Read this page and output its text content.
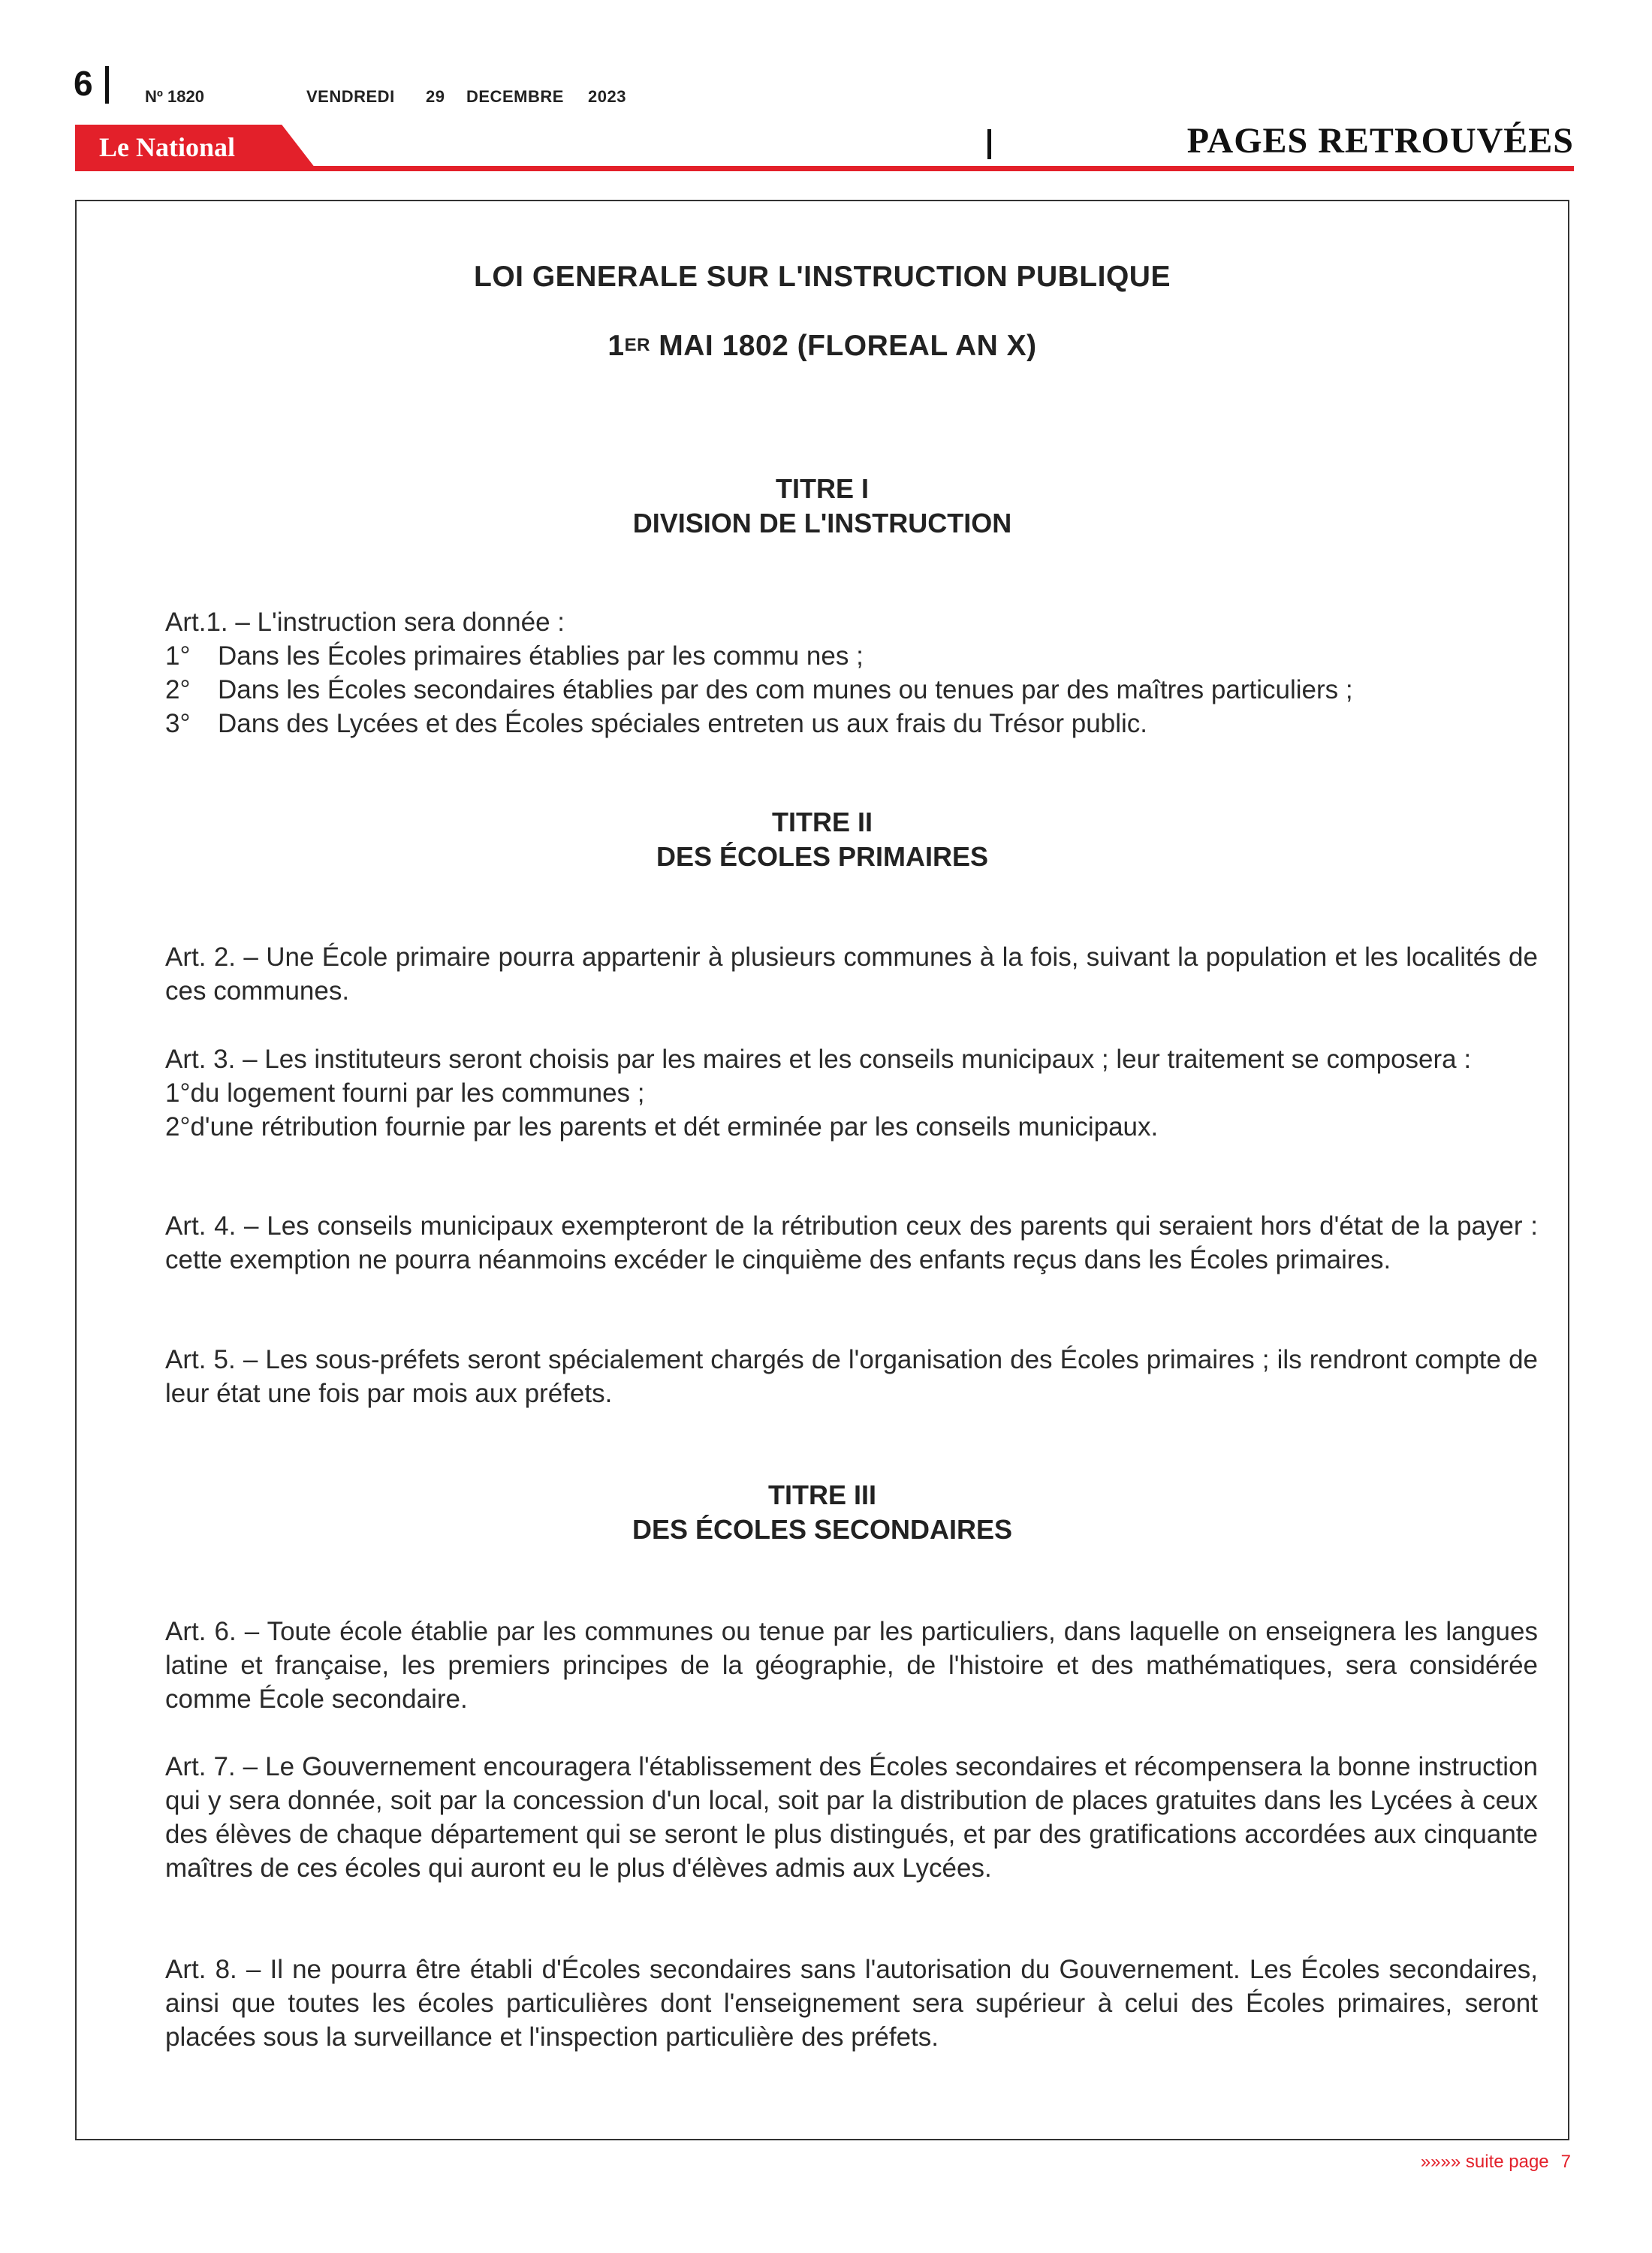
6	Nº 1820	VENDREDI 29 DECEMBRE 2023
Le National	PAGES RETROUVÉES
LOI GENERALE SUR L'INSTRUCTION PUBLIQUE
1ER MAI 1802 (FLOREAL AN X)
TITRE I
DIVISION DE L'INSTRUCTION

Art.1. – L'instruction sera donnée :

1°	Dans les Écoles primaires établies par les commu nes ;
2°	Dans les Écoles secondaires établies par des com munes ou tenues par des maîtres particuliers ;
3°	Dans des Lycées et des Écoles spéciales entreten us aux frais du Trésor public.
TITRE II
DES ÉCOLES PRIMAIRES

Art. 2. – Une École primaire pourra appartenir à plusieurs communes à la fois, suivant la population et les localités de ces communes.

Art. 3. – Les instituteurs seront choisis par les maires et les conseils municipaux ; leur traitement se composera :

1°du logement fourni par les communes ;
2°d'une rétribution fournie par les parents et dét erminée par les conseils municipaux.

Art. 4. – Les conseils municipaux exempteront de la rétribution ceux des parents qui seraient hors d'état de la payer : cette exemption ne pourra néanmoins excéder le cinquième des enfants reçus dans les Écoles primaires.

Art. 5. – Les sous-préfets seront spécialement chargés de l'organisation des Écoles primaires ; ils rendront compte de leur état une fois par mois aux préfets.

TITRE III
DES ÉCOLES SECONDAIRES

Art. 6. – Toute école établie par les communes ou tenue par les particuliers, dans laquelle on enseignera les langues latine et française, les premiers principes de la géographie, de l'histoire et des mathématiques, sera considérée comme École secondaire.

Art. 7. – Le Gouvernement encouragera l'établissement des Écoles secondaires et récompensera la bonne instruction qui y sera donnée, soit par la concession d'un local, soit par la distribution de places gratuites dans les Lycées à ceux des élèves de chaque département qui se seront le plus distingués, et par des gratifications accordées aux cinquante maîtres de ces écoles qui auront eu le plus d'élèves admis aux Lycées.

Art. 8. – Il ne pourra être établi d'Écoles secondaires sans l'autorisation du Gouvernement. Les Écoles secondaires, ainsi que toutes les écoles particulières dont l'enseignement sera supérieur à celui des Écoles primaires, seront placées sous la surveillance et l'inspection particulière des préfets.

»»»» suite page 7
